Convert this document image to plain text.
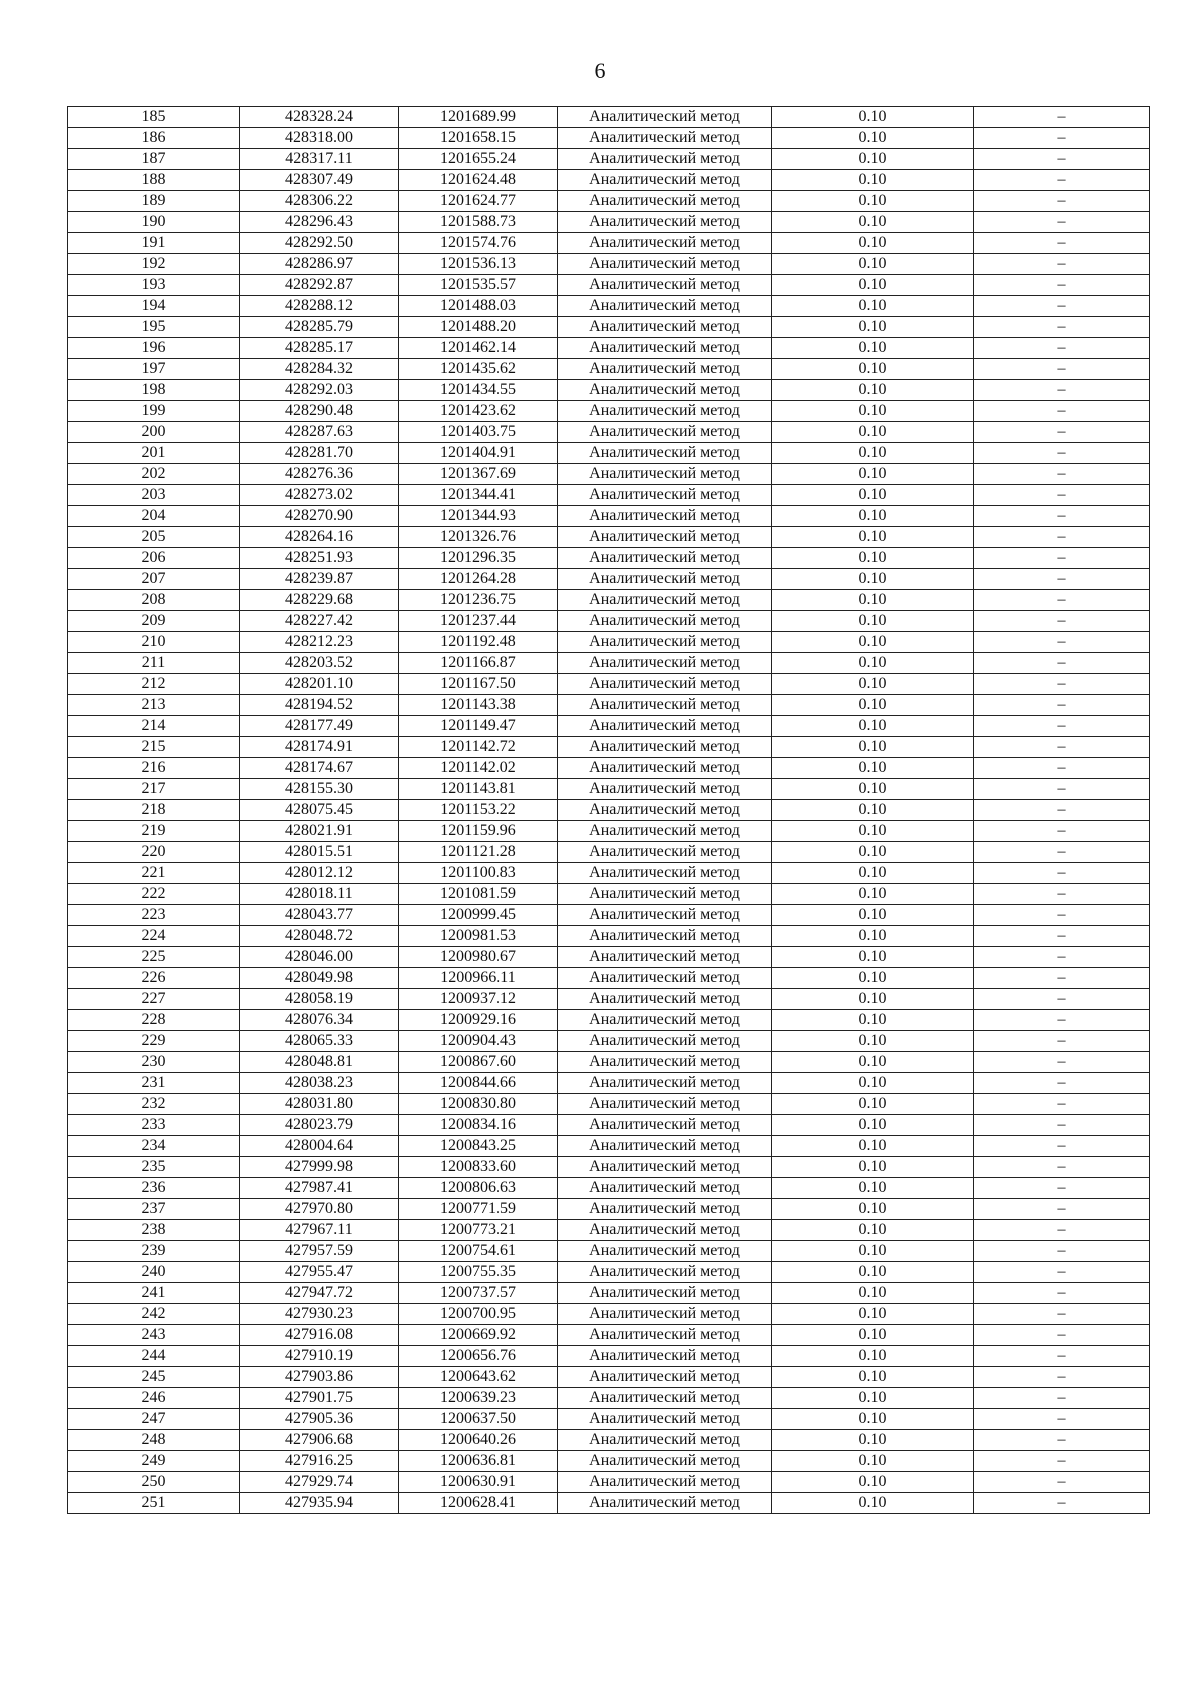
6
185	428328.24	1201689.99	Аналитический метод	0.10	–
186	428318.00	1201658.15	Аналитический метод	0.10	–
187	428317.11	1201655.24	Аналитический метод	0.10	–
188	428307.49	1201624.48	Аналитический метод	0.10	–
189	428306.22	1201624.77	Аналитический метод	0.10	–
190	428296.43	1201588.73	Аналитический метод	0.10	–
191	428292.50	1201574.76	Аналитический метод	0.10	–
192	428286.97	1201536.13	Аналитический метод	0.10	–
193	428292.87	1201535.57	Аналитический метод	0.10	–
194	428288.12	1201488.03	Аналитический метод	0.10	–
195	428285.79	1201488.20	Аналитический метод	0.10	–
196	428285.17	1201462.14	Аналитический метод	0.10	–
197	428284.32	1201435.62	Аналитический метод	0.10	–
198	428292.03	1201434.55	Аналитический метод	0.10	–
199	428290.48	1201423.62	Аналитический метод	0.10	–
200	428287.63	1201403.75	Аналитический метод	0.10	–
201	428281.70	1201404.91	Аналитический метод	0.10	–
202	428276.36	1201367.69	Аналитический метод	0.10	–
203	428273.02	1201344.41	Аналитический метод	0.10	–
204	428270.90	1201344.93	Аналитический метод	0.10	–
205	428264.16	1201326.76	Аналитический метод	0.10	–
206	428251.93	1201296.35	Аналитический метод	0.10	–
207	428239.87	1201264.28	Аналитический метод	0.10	–
208	428229.68	1201236.75	Аналитический метод	0.10	–
209	428227.42	1201237.44	Аналитический метод	0.10	–
210	428212.23	1201192.48	Аналитический метод	0.10	–
211	428203.52	1201166.87	Аналитический метод	0.10	–
212	428201.10	1201167.50	Аналитический метод	0.10	–
213	428194.52	1201143.38	Аналитический метод	0.10	–
214	428177.49	1201149.47	Аналитический метод	0.10	–
215	428174.91	1201142.72	Аналитический метод	0.10	–
216	428174.67	1201142.02	Аналитический метод	0.10	–
217	428155.30	1201143.81	Аналитический метод	0.10	–
218	428075.45	1201153.22	Аналитический метод	0.10	–
219	428021.91	1201159.96	Аналитический метод	0.10	–
220	428015.51	1201121.28	Аналитический метод	0.10	–
221	428012.12	1201100.83	Аналитический метод	0.10	–
222	428018.11	1201081.59	Аналитический метод	0.10	–
223	428043.77	1200999.45	Аналитический метод	0.10	–
224	428048.72	1200981.53	Аналитический метод	0.10	–
225	428046.00	1200980.67	Аналитический метод	0.10	–
226	428049.98	1200966.11	Аналитический метод	0.10	–
227	428058.19	1200937.12	Аналитический метод	0.10	–
228	428076.34	1200929.16	Аналитический метод	0.10	–
229	428065.33	1200904.43	Аналитический метод	0.10	–
230	428048.81	1200867.60	Аналитический метод	0.10	–
231	428038.23	1200844.66	Аналитический метод	0.10	–
232	428031.80	1200830.80	Аналитический метод	0.10	–
233	428023.79	1200834.16	Аналитический метод	0.10	–
234	428004.64	1200843.25	Аналитический метод	0.10	–
235	427999.98	1200833.60	Аналитический метод	0.10	–
236	427987.41	1200806.63	Аналитический метод	0.10	–
237	427970.80	1200771.59	Аналитический метод	0.10	–
238	427967.11	1200773.21	Аналитический метод	0.10	–
239	427957.59	1200754.61	Аналитический метод	0.10	–
240	427955.47	1200755.35	Аналитический метод	0.10	–
241	427947.72	1200737.57	Аналитический метод	0.10	–
242	427930.23	1200700.95	Аналитический метод	0.10	–
243	427916.08	1200669.92	Аналитический метод	0.10	–
244	427910.19	1200656.76	Аналитический метод	0.10	–
245	427903.86	1200643.62	Аналитический метод	0.10	–
246	427901.75	1200639.23	Аналитический метод	0.10	–
247	427905.36	1200637.50	Аналитический метод	0.10	–
248	427906.68	1200640.26	Аналитический метод	0.10	–
249	427916.25	1200636.81	Аналитический метод	0.10	–
250	427929.74	1200630.91	Аналитический метод	0.10	–
251	427935.94	1200628.41	Аналитический метод	0.10	–
